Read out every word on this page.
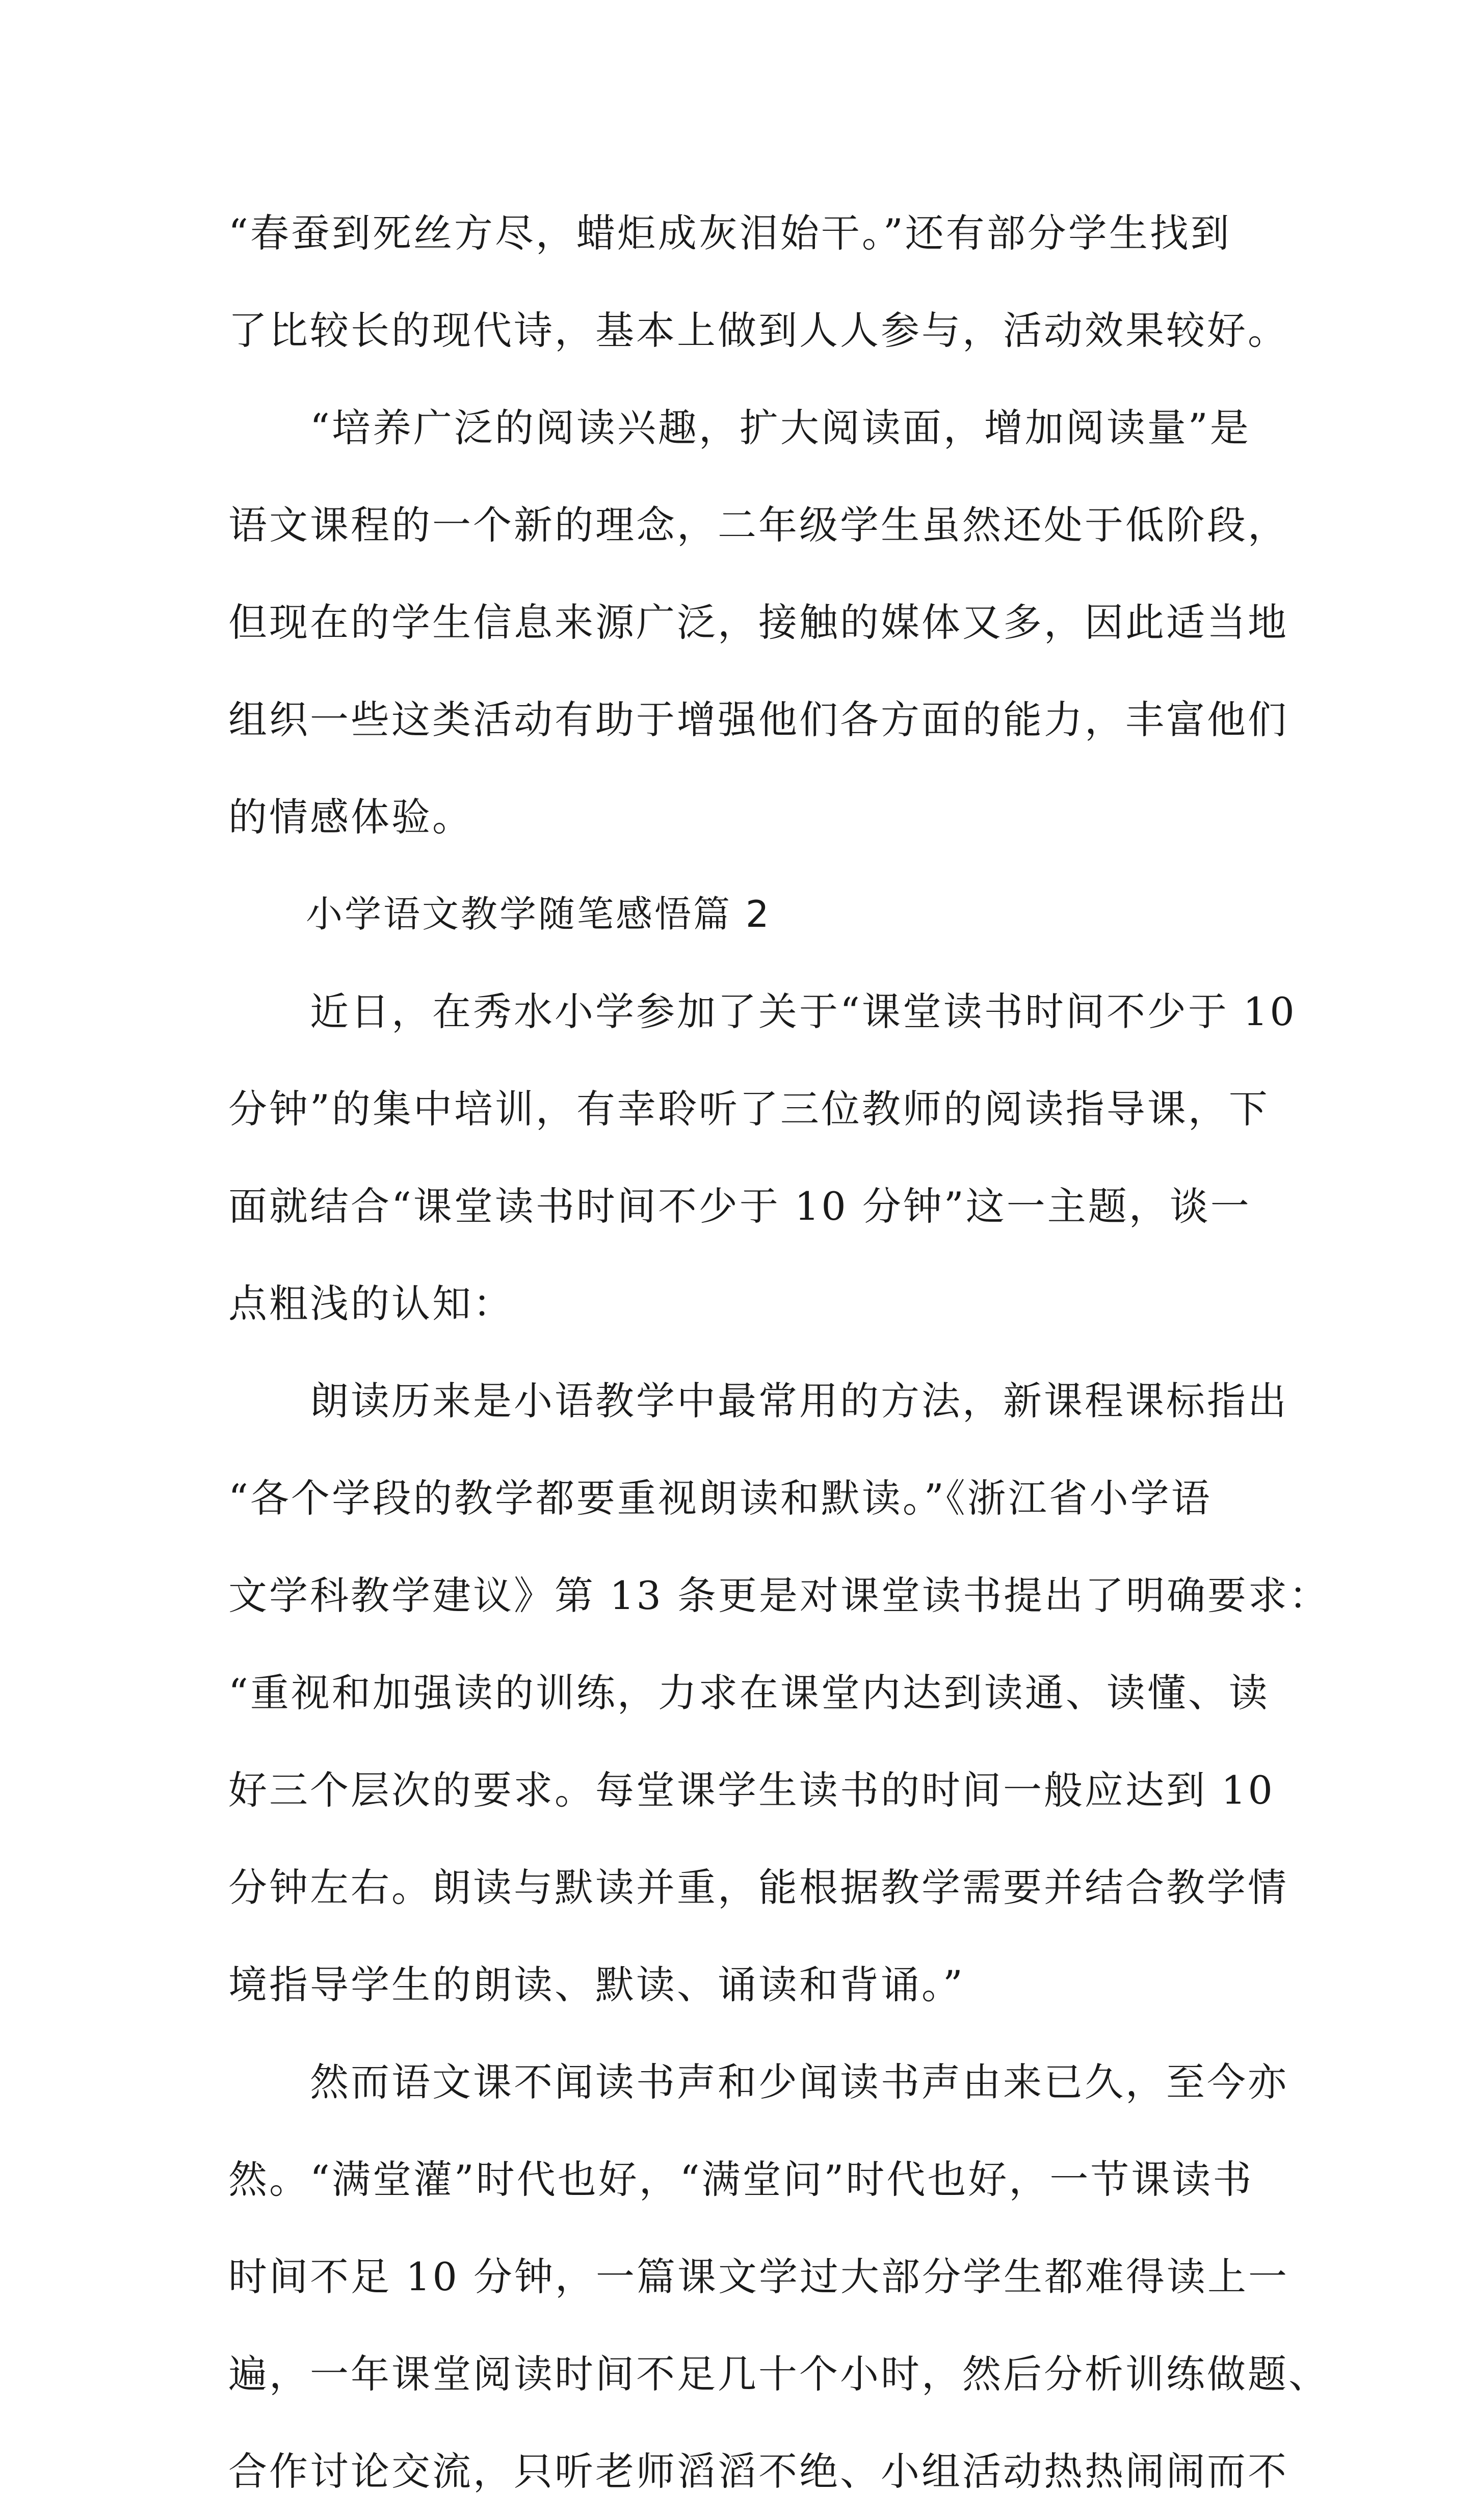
“春蚕到死丝方尽，蜡炬成灰泪始干。”还有部分学生找到
了比较长的现代诗，基本上做到人人参与，活动效果较好。
　　“培养广泛的阅读兴趣，扩大阅读面，增加阅读量”是
语文课程的一个新的理念，二年级学生虽然还处于低阶段，
但现在的学生信息来源广泛，接触的媒体又多，因此适当地
组织一些这类活动有助于增强他们各方面的能力，丰富他们
的情感体验。
　　小学语文教学随笔感悟篇 2
　　近日，在秀水小学参加了关于“课堂读书时间不少于 10
分钟”的集中培训，有幸聆听了三位教师的阅读指导课，下
面就结合“课堂读书时间不少于 10 分钟”这一主题，谈一
点粗浅的认知：
　　朗读历来是小语教学中最常用的方法，新课程课标指出
“各个学段的教学都要重视朗读和默读。”《浙江省小学语
文学科教学建议》第 13 条更是对课堂读书提出了明确要求：
“重视和加强读的训练，力求在课堂内达到读通、读懂、读
好三个层次的要求。每堂课学生读书的时间一般应达到 10
分钟左右。朗读与默读并重，能根据教学需要并结合教学情
境指导学生的朗读、默读、诵读和背诵。”
　　然而语文课不闻读书声和少闻读书声由来已久，至今亦
然。“满堂灌”时代也好，“满堂问”时代也好，一节课读书
时间不足 10 分钟，一篇课文学过大部分学生都难得读上一
遍，一年课堂阅读时间不足几十个小时，然后分析训练做题、
合作讨论交流，只听老师滔滔不绝、小组活动热热闹闹而不
